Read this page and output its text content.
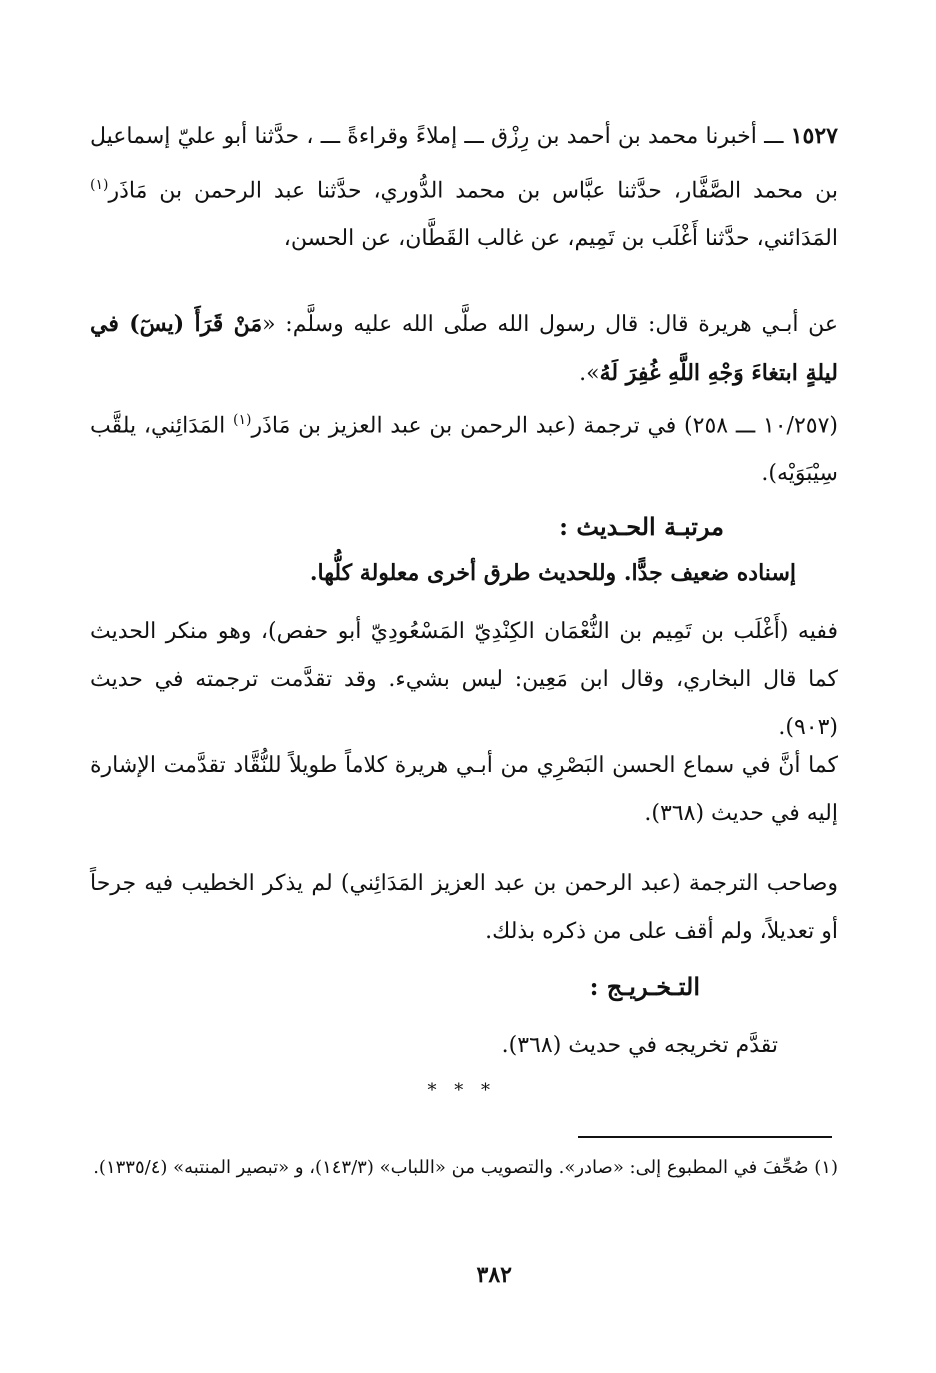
١٥٢٧ ـــ أخبرنا محمد بن أحمد بن رِزْق ـــ إملاءً وقراءةً ـــ ، حدَّثنا أبو عليّ إسماعيل بن محمد الصَّفَّار، حدَّثنا عبَّاس بن محمد الدُّوري، حدَّثنا عبد الرحمن بن مَاذَر$^{(١)}$ المَدَائني، حدَّثنا أَغْلَب بن تَمِيم، عن غالب القَطَّان، عن الحسن،
عن أبـي هريرة قال: قال رسول الله صلَّى الله عليه وسلَّم: «مَنْ قَرَأَ (يسٓ) في ليلةٍ ابتغاءَ وَجْهِ اللَّهِ غُفِرَ لَهُ».
(١٠/٢٥٧ ـــ ٢٥٨) في ترجمة (عبد الرحمن بن عبد العزيز بن مَاذَر$^{(١)}$ المَدَائِني، يلقَّب سِيْبَوَيْه).
مرتبـة الحـديث :
إسناده ضعيف جدًّا. وللحديث طرق أخرى معلولة كلُّها.
ففيه (أَغْلَب بن تَمِيم بن النُّعْمَان الكِنْدِيّ المَسْعُودِيّ أبو حفص)، وهو منكر الحديث كما قال البخاري، وقال ابن مَعِين: ليس بشيء. وقد تقدَّمت ترجمته في حديث (٩٠٣).
كما أنَّ في سماع الحسن البَصْرِي من أبـي هريرة كلاماً طويلاً للنُّقَّاد تقدَّمت الإشارة إليه في حديث (٣٦٨).
وصاحب الترجمة (عبد الرحمن بن عبد العزيز المَدَائِني) لم يذكر الخطيب فيه جرحاً أو تعديلاً، ولم أقف على من ذكره بذلك.
التـخـريـج :
تقدَّم تخريجه في حديث (٣٦٨).
* * *
(١) صُحِّفَ في المطبوع إلى: «صادر». والتصويب من «اللباب» (١٤٣/٣)، و «تبصير المنتبه» (١٣٣٥/٤).
٣٨٢
